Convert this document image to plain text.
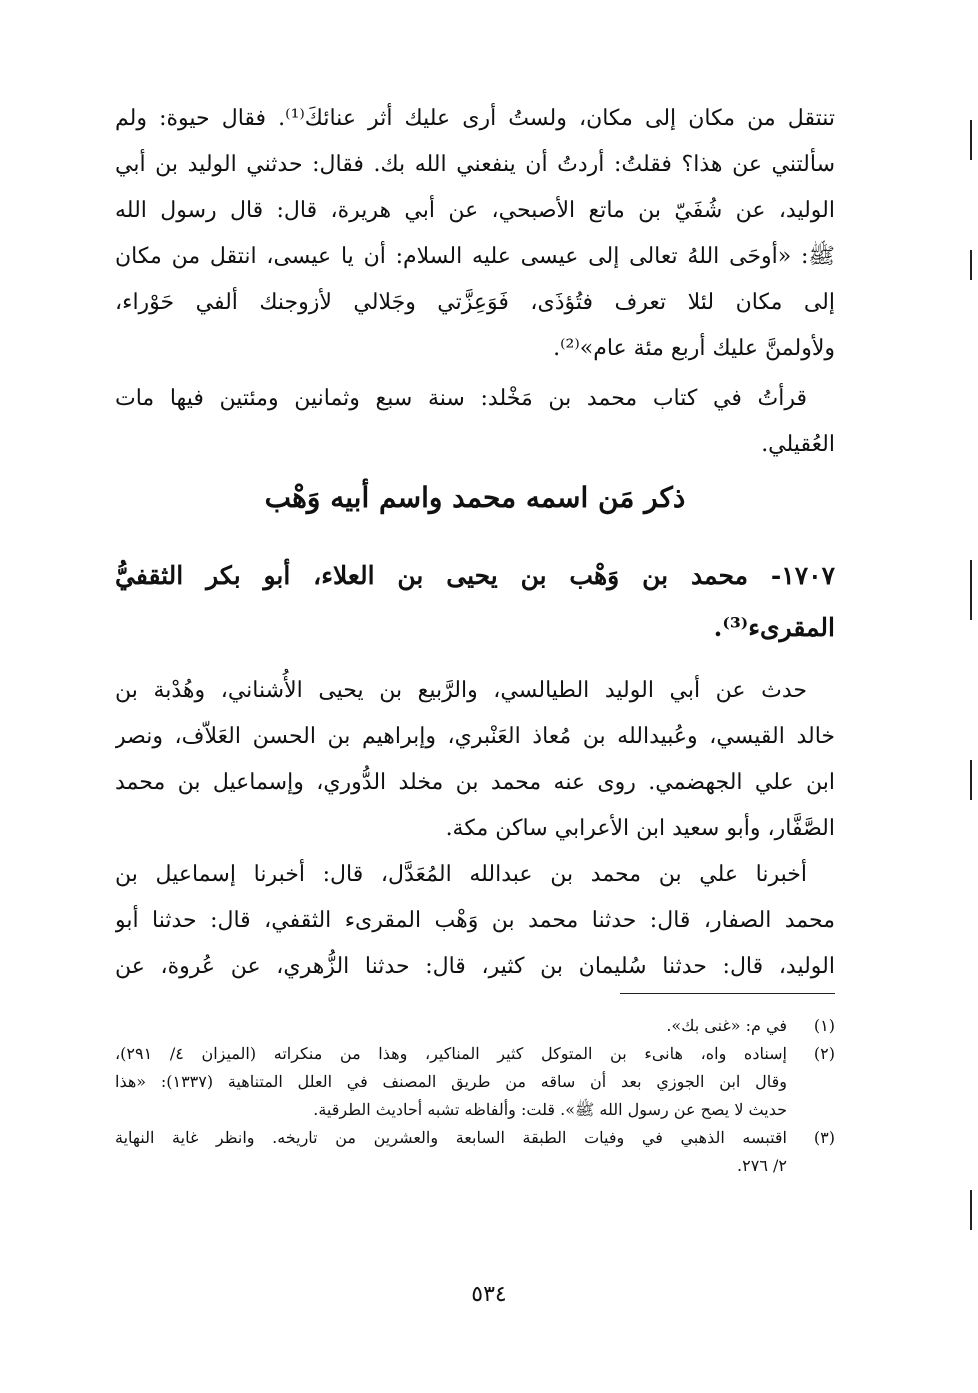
تنتقل من مكان إلى مكان، ولستُ أرى عليك أثر عنائكَ⁽¹⁾. فقال حيوة: ولم
سألتني عن هذا؟ فقلتُ: أردتُ أن ينفعني الله بك. فقال: حدثني الوليد بن أبي
الوليد، عن شُفَيّ بن ماتع الأصبحي، عن أبي هريرة، قال: قال رسول الله
ﷺ: «أوحَى اللهُ تعالى إلى عيسى عليه السلام: أن يا عيسى، انتقل من مكان
إلى مكان لئلا تعرف فتُؤذَى، فَوَعِزَّتي وجَلالي لأزوجنك ألفي حَوْراء،
ولأولمنَّ عليك أربع مئة عام»⁽²⁾.
قرأتُ في كتاب محمد بن مَخْلد: سنة سبع وثمانين ومئتين فيها مات
العُقيلي.
ذكر مَن اسمه محمد واسم أبيه وَهْب
١٧٠٧- محمد بن وَهْب بن يحيى بن العلاء، أبو بكر الثقفيُّ
المقرىء⁽³⁾.
حدث عن أبي الوليد الطيالسي، والرَّبيع بن يحيى الأُشناني، وهُدْبة بن
خالد القيسي، وعُبيدالله بن مُعاذ العَنْبري، وإبراهيم بن الحسن العَلاّف، ونصر
ابن علي الجهضمي. روى عنه محمد بن مخلد الدُّوري، وإسماعيل بن محمد
الصَّفَّار، وأبو سعيد ابن الأعرابي ساكن مكة.
أخبرنا علي بن محمد بن عبدالله المُعَدَّل، قال: أخبرنا إسماعيل بن
محمد الصفار، قال: حدثنا محمد بن وَهْب المقرىء الثقفي، قال: حدثنا أبو
الوليد، قال: حدثنا سُليمان بن كثير، قال: حدثنا الزُّهري، عن عُروة، عن
(١)
في م: «غنى بك».
(٢)
إسناده واه، هانىء بن المتوكل كثير المناكير، وهذا من منكراته (الميزان ٤/ ٢٩١)،
وقال ابن الجوزي بعد أن ساقه من طريق المصنف في العلل المتناهية (١٣٣٧): «هذا
حديث لا يصح عن رسول الله ﷺ». قلت: وألفاظه تشبه أحاديث الطرقية.
(٣)
اقتبسه الذهبي في وفيات الطبقة السابعة والعشرين من تاريخه. وانظر غاية النهاية
٢/ ٢٧٦.
٥٣٤
